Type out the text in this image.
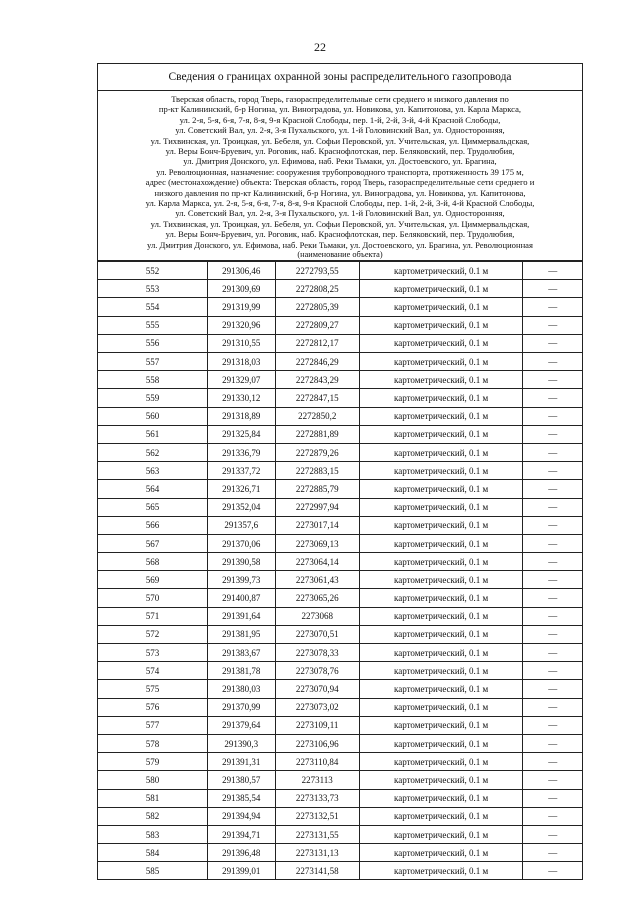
22
Сведения о границах охранной зоны распределительного газопровода
Тверская область, город Тверь, газораспределительные сети среднего и низкого давления по
пр-кт Калининский, б-р Ногина, ул. Виноградова, ул. Новикова, ул. Капитонова, ул. Карла Маркса,
ул. 2-я, 5-я, 6-я, 7-я, 8-я, 9-я Красной Слободы, пер. 1-й, 2-й, 3-й, 4-й Красной Слободы,
ул. Советский Вал, ул. 2-я, 3-я Пухальского, ул. 1-й Головинский Вал, ул. Односторонняя,
ул. Тихвинская, ул. Троицкая, ул. Бебеля, ул. Софьи Перовской, ул. Учительская, ул. Циммервальдская,
ул. Веры Бонч-Бруевич, ул. Роговик, наб. Краснофлотская, пер. Беляковский, пер. Трудолюбия,
ул. Дмитрия Донского, ул. Ефимова, наб. Реки Тьмаки, ул. Достоевского, ул. Брагина,
ул. Революционная, назначение: сооружения трубопроводного транспорта, протяженность 39 175 м,
адрес (местонахождение) объекта: Тверская область, город Тверь, газораспределительные сети среднего и
низкого давления по пр-кт Калининский, б-р Ногина, ул. Виноградова, ул. Новикова, ул. Капитонова,
ул. Карла Маркса, ул. 2-я, 5-я, 6-я, 7-я, 8-я, 9-я Красной Слободы, пер. 1-й, 2-й, 3-й, 4-й Красной Слободы,
ул. Советский Вал, ул. 2-я, 3-я Пухальского, ул. 1-й Головинский Вал, ул. Односторонняя,
ул. Тихвинская, ул. Троицкая, ул. Бебеля, ул. Софьи Перовской, ул. Учительская, ул. Циммервальдская,
ул. Веры Бонч-Бруевич, ул. Роговик, наб. Краснофлотская, пер. Беляковский, пер. Трудолюбия,
ул. Дмитрия Донского, ул. Ефимова, наб. Реки Тьмаки, ул. Достоевского, ул. Брагина, ул. Революционная
(наименование объекта)
552	291306,46	2272793,55	картометрический, 0.1 м	—
553	291309,69	2272808,25	картометрический, 0.1 м	—
554	291319,99	2272805,39	картометрический, 0.1 м	—
555	291320,96	2272809,27	картометрический, 0.1 м	—
556	291310,55	2272812,17	картометрический, 0.1 м	—
557	291318,03	2272846,29	картометрический, 0.1 м	—
558	291329,07	2272843,29	картометрический, 0.1 м	—
559	291330,12	2272847,15	картометрический, 0.1 м	—
560	291318,89	2272850,2	картометрический, 0.1 м	—
561	291325,84	2272881,89	картометрический, 0.1 м	—
562	291336,79	2272879,26	картометрический, 0.1 м	—
563	291337,72	2272883,15	картометрический, 0.1 м	—
564	291326,71	2272885,79	картометрический, 0.1 м	—
565	291352,04	2272997,94	картометрический, 0.1 м	—
566	291357,6	2273017,14	картометрический, 0.1 м	—
567	291370,06	2273069,13	картометрический, 0.1 м	—
568	291390,58	2273064,14	картометрический, 0.1 м	—
569	291399,73	2273061,43	картометрический, 0.1 м	—
570	291400,87	2273065,26	картометрический, 0.1 м	—
571	291391,64	2273068	картометрический, 0.1 м	—
572	291381,95	2273070,51	картометрический, 0.1 м	—
573	291383,67	2273078,33	картометрический, 0.1 м	—
574	291381,78	2273078,76	картометрический, 0.1 м	—
575	291380,03	2273070,94	картометрический, 0.1 м	—
576	291370,99	2273073,02	картометрический, 0.1 м	—
577	291379,64	2273109,11	картометрический, 0.1 м	—
578	291390,3	2273106,96	картометрический, 0.1 м	—
579	291391,31	2273110,84	картометрический, 0.1 м	—
580	291380,57	2273113	картометрический, 0.1 м	—
581	291385,54	2273133,73	картометрический, 0.1 м	—
582	291394,94	2273132,51	картометрический, 0.1 м	—
583	291394,71	2273131,55	картометрический, 0.1 м	—
584	291396,48	2273131,13	картометрический, 0.1 м	—
585	291399,01	2273141,58	картометрический, 0.1 м	—
